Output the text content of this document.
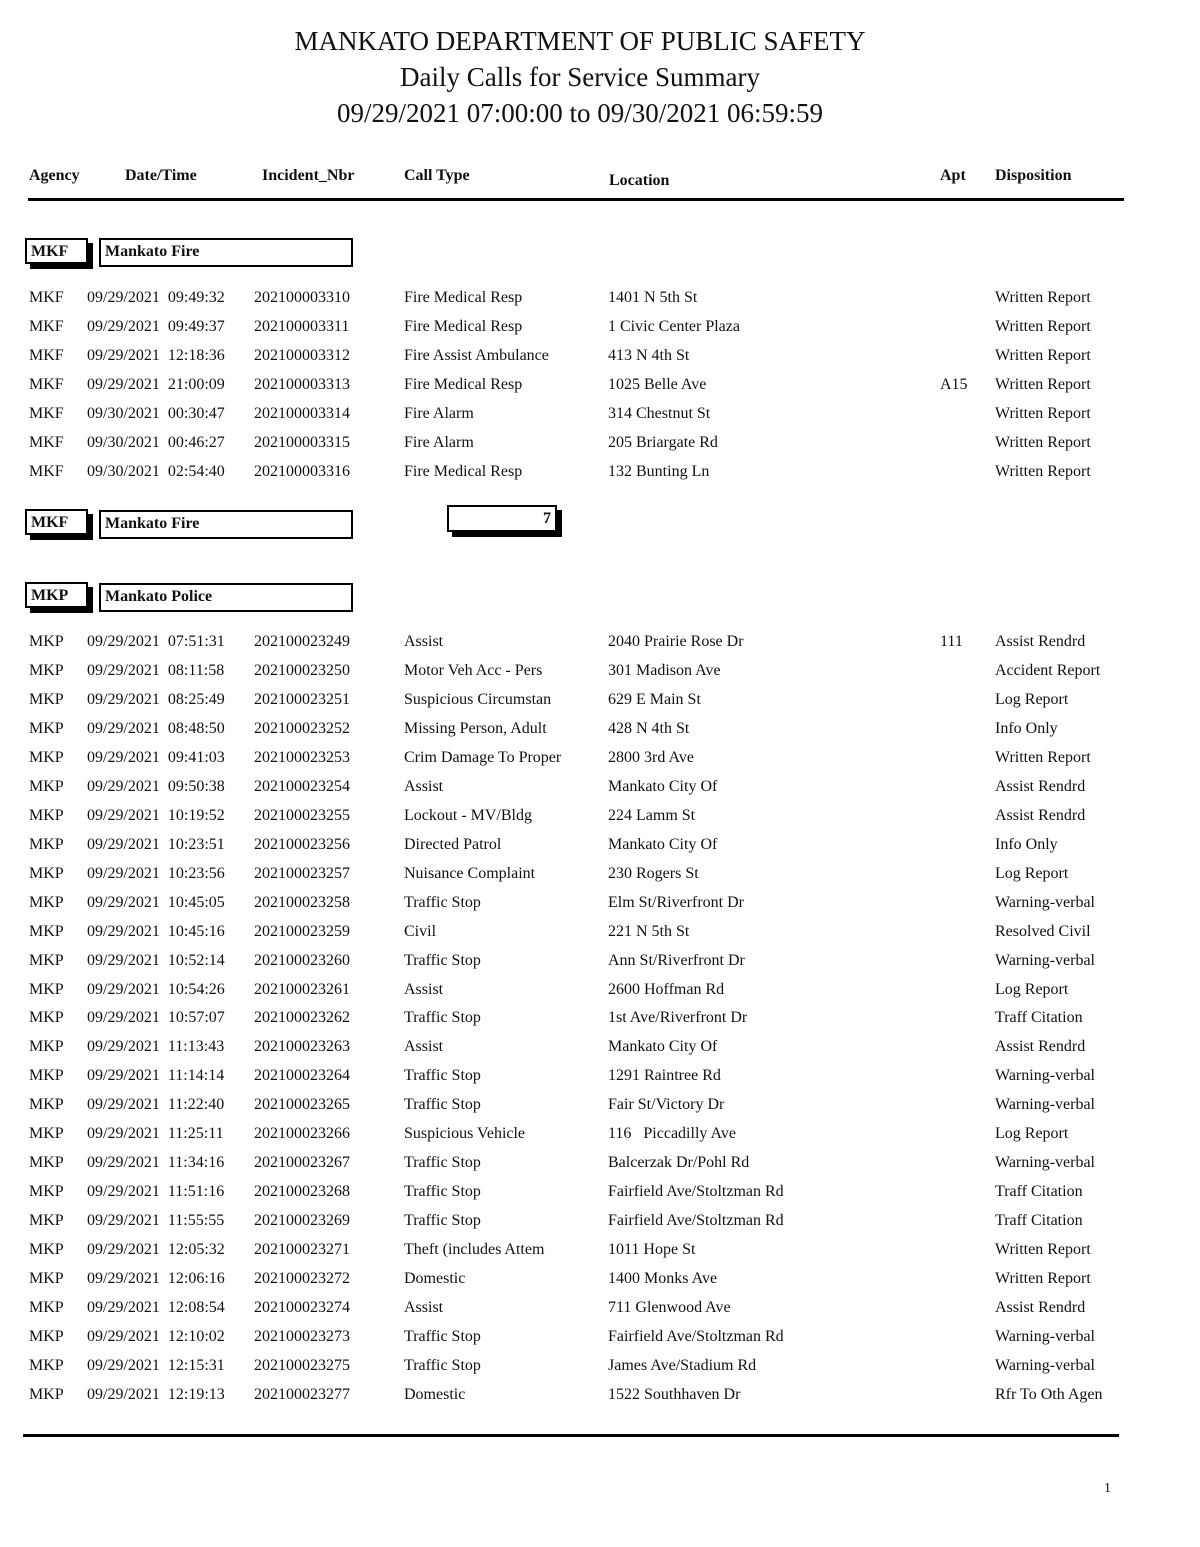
MANKATO DEPARTMENT OF PUBLIC SAFETY
Daily Calls for Service Summary
09/29/2021 07:00:00 to 09/30/2021 06:59:59
Agency	Date/Time	Incident_Nbr	Call Type	Location	Apt Disposition
MKF	Mankato Fire
MKF 09/29/2021  09:49:32 202100003310	Fire Medical Resp	1401 N 5th St	Written Report
MKF 09/29/2021  09:49:37 202100003311	Fire Medical Resp	1 Civic Center Plaza	Written Report
MKF 09/29/2021  12:18:36 202100003312	Fire Assist Ambulance	413 N 4th St	Written Report
MKF 09/29/2021  21:00:09 202100003313	Fire Medical Resp	1025 Belle Ave	A15 Written Report
MKF 09/30/2021  00:30:47 202100003314	Fire Alarm	314 Chestnut St	Written Report
MKF 09/30/2021  00:46:27 202100003315	Fire Alarm	205 Briargate Rd	Written Report
MKF 09/30/2021  02:54:40 202100003316	Fire Medical Resp	132 Bunting Ln	Written Report
MKF	Mankato Fire	7
MKP	Mankato Police
MKP 09/29/2021  07:51:31 202100023249	Assist	2040 Prairie Rose Dr	111 Assist Rendrd
MKP 09/29/2021  08:11:58 202100023250	Motor Veh Acc - Pers	301 Madison Ave	Accident Report
MKP 09/29/2021  08:25:49 202100023251	Suspicious Circumstan	629 E Main St	Log Report
MKP 09/29/2021  08:48:50 202100023252	Missing Person, Adult	428 N 4th St	Info Only
MKP 09/29/2021  09:41:03 202100023253	Crim Damage To Proper	2800 3rd Ave	Written Report
MKP 09/29/2021  09:50:38 202100023254	Assist	Mankato City Of	Assist Rendrd
MKP 09/29/2021  10:19:52 202100023255	Lockout - MV/Bldg	224 Lamm St	Assist Rendrd
MKP 09/29/2021  10:23:51 202100023256	Directed Patrol	Mankato City Of	Info Only
MKP 09/29/2021  10:23:56 202100023257	Nuisance Complaint	230 Rogers St	Log Report
MKP 09/29/2021  10:45:05 202100023258	Traffic Stop	Elm St/Riverfront Dr	Warning-verbal
MKP 09/29/2021  10:45:16 202100023259	Civil	221 N 5th St	Resolved Civil
MKP 09/29/2021  10:52:14 202100023260	Traffic Stop	Ann St/Riverfront Dr	Warning-verbal
MKP 09/29/2021  10:54:26 202100023261	Assist	2600 Hoffman Rd	Log Report
MKP 09/29/2021  10:57:07 202100023262	Traffic Stop	1st Ave/Riverfront Dr	Traff Citation
MKP 09/29/2021  11:13:43 202100023263	Assist	Mankato City Of	Assist Rendrd
MKP 09/29/2021  11:14:14 202100023264	Traffic Stop	1291 Raintree Rd	Warning-verbal
MKP 09/29/2021  11:22:40 202100023265	Traffic Stop	Fair St/Victory Dr	Warning-verbal
MKP 09/29/2021  11:25:11 202100023266	Suspicious Vehicle	116   Piccadilly Ave	Log Report
MKP 09/29/2021  11:34:16 202100023267	Traffic Stop	Balcerzak Dr/Pohl Rd	Warning-verbal
MKP 09/29/2021  11:51:16 202100023268	Traffic Stop	Fairfield Ave/Stoltzman Rd	Traff Citation
MKP 09/29/2021  11:55:55 202100023269	Traffic Stop	Fairfield Ave/Stoltzman Rd	Traff Citation
MKP 09/29/2021  12:05:32 202100023271	Theft (includes Attem	1011 Hope St	Written Report
MKP 09/29/2021  12:06:16 202100023272	Domestic	1400 Monks Ave	Written Report
MKP 09/29/2021  12:08:54 202100023274	Assist	711 Glenwood Ave	Assist Rendrd
MKP 09/29/2021  12:10:02 202100023273	Traffic Stop	Fairfield Ave/Stoltzman Rd	Warning-verbal
MKP 09/29/2021  12:15:31 202100023275	Traffic Stop	James Ave/Stadium Rd	Warning-verbal
MKP 09/29/2021  12:19:13 202100023277	Domestic	1522 Southhaven Dr	Rfr To Oth Agen
1
